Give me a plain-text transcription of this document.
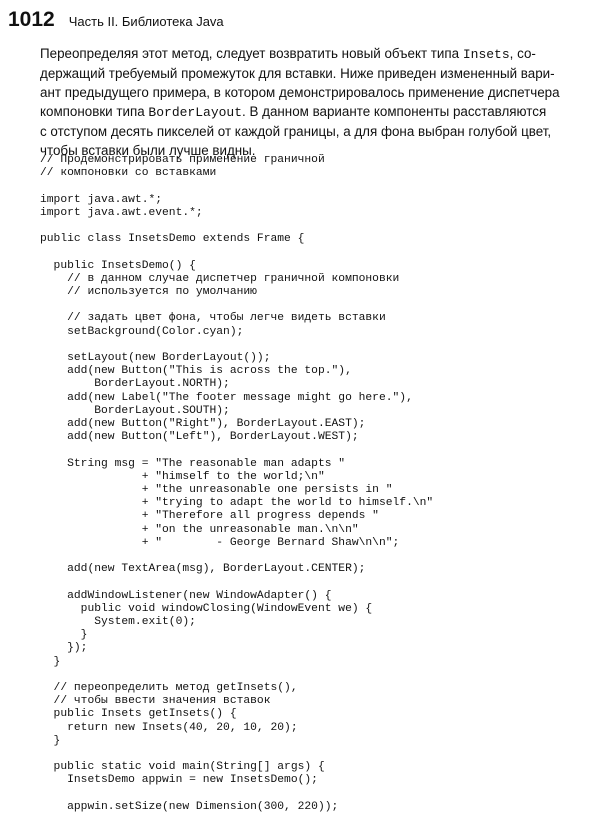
1012 Часть II. Библиотека Java
Переопределяя этот метод, следует возвратить новый объект типа Insets, со-
держащий требуемый промежуток для вставки. Ниже приведен измененный вари-
ант предыдущего примера, в котором демонстрировалось применение диспетчера
компоновки типа BorderLayout. В данном варианте компоненты расставляются
с отступом десять пикселей от каждой границы, а для фона выбран голубой цвет,
чтобы вставки были лучше видны.
// Продемонстрировать применение граничной
// компоновки со вставками
import java.awt.*;
import java.awt.event.*;
public class InsetsDemo extends Frame {
public InsetsDemo() {
// в данном случае диспетчер граничной компоновки
// используется по умолчанию
// задать цвет фона, чтобы легче видеть вставки
setBackground(Color.cyan);
setLayout(new BorderLayout());
add(new Button("This is across the top."),
BorderLayout.NORTH);
add(new Label("The footer message might go here."),
BorderLayout.SOUTH);
add(new Button("Right"), BorderLayout.EAST);
add(new Button("Left"), BorderLayout.WEST);
String msg = "The reasonable man adapts "
+ "himself to the world;\n"
+ "the unreasonable one persists in "
+ "trying to adapt the world to himself.\n"
+ "Therefore all progress depends "
+ "on the unreasonable man.\n\n"
+ "        - George Bernard Shaw\n\n";
add(new TextArea(msg), BorderLayout.CENTER);
addWindowListener(new WindowAdapter() {
public void windowClosing(WindowEvent we) {
System.exit(0);
}
});
}
// переопределить метод getInsets(),
// чтобы ввести значения вставок
public Insets getInsets() {
return new Insets(40, 20, 10, 20);
}
public static void main(String[] args) {
InsetsDemo appwin = new InsetsDemo();
appwin.setSize(new Dimension(300, 220));
